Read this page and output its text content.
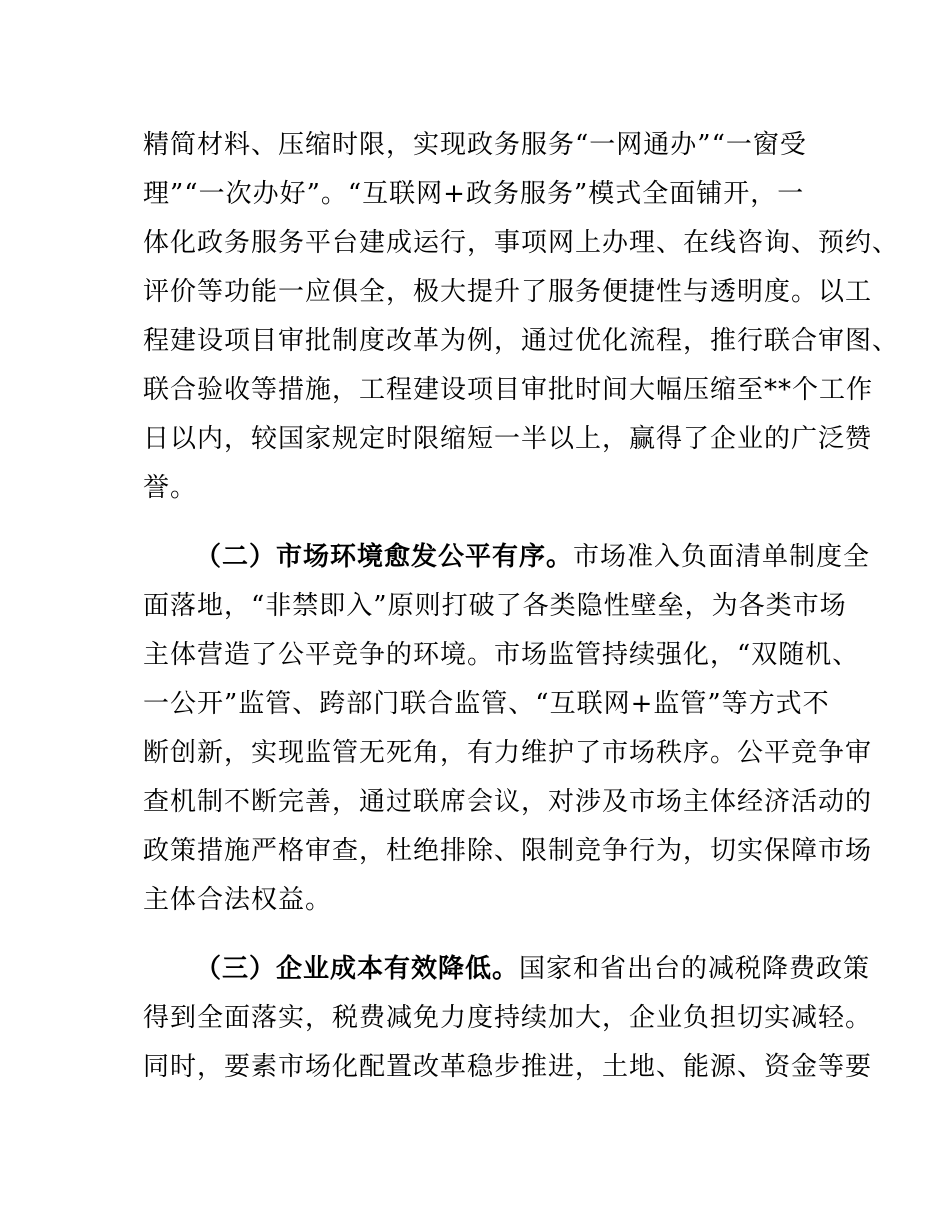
精简材料、压缩时限，实现政务服务“一网通办”“一窗受
理”“一次办好”。“互联网+政务服务”模式全面铺开，一
体化政务服务平台建成运行，事项网上办理、在线咨询、预约、
评价等功能一应俱全，极大提升了服务便捷性与透明度。以工
程建设项目审批制度改革为例，通过优化流程，推行联合审图、
联合验收等措施，工程建设项目审批时间大幅压缩至**个工作
日以内，较国家规定时限缩短一半以上，赢得了企业的广泛赞
誉。
（二）市场环境愈发公平有序。市场准入负面清单制度全
面落地，“非禁即入”原则打破了各类隐性壁垒，为各类市场
主体营造了公平竞争的环境。市场监管持续强化，“双随机、
一公开”监管、跨部门联合监管、“互联网+监管”等方式不
断创新，实现监管无死角，有力维护了市场秩序。公平竞争审
查机制不断完善，通过联席会议，对涉及市场主体经济活动的
政策措施严格审查，杜绝排除、限制竞争行为，切实保障市场
主体合法权益。
（三）企业成本有效降低。国家和省出台的减税降费政策
得到全面落实，税费减免力度持续加大，企业负担切实减轻。
同时，要素市场化配置改革稳步推进，土地、能源、资金等要
